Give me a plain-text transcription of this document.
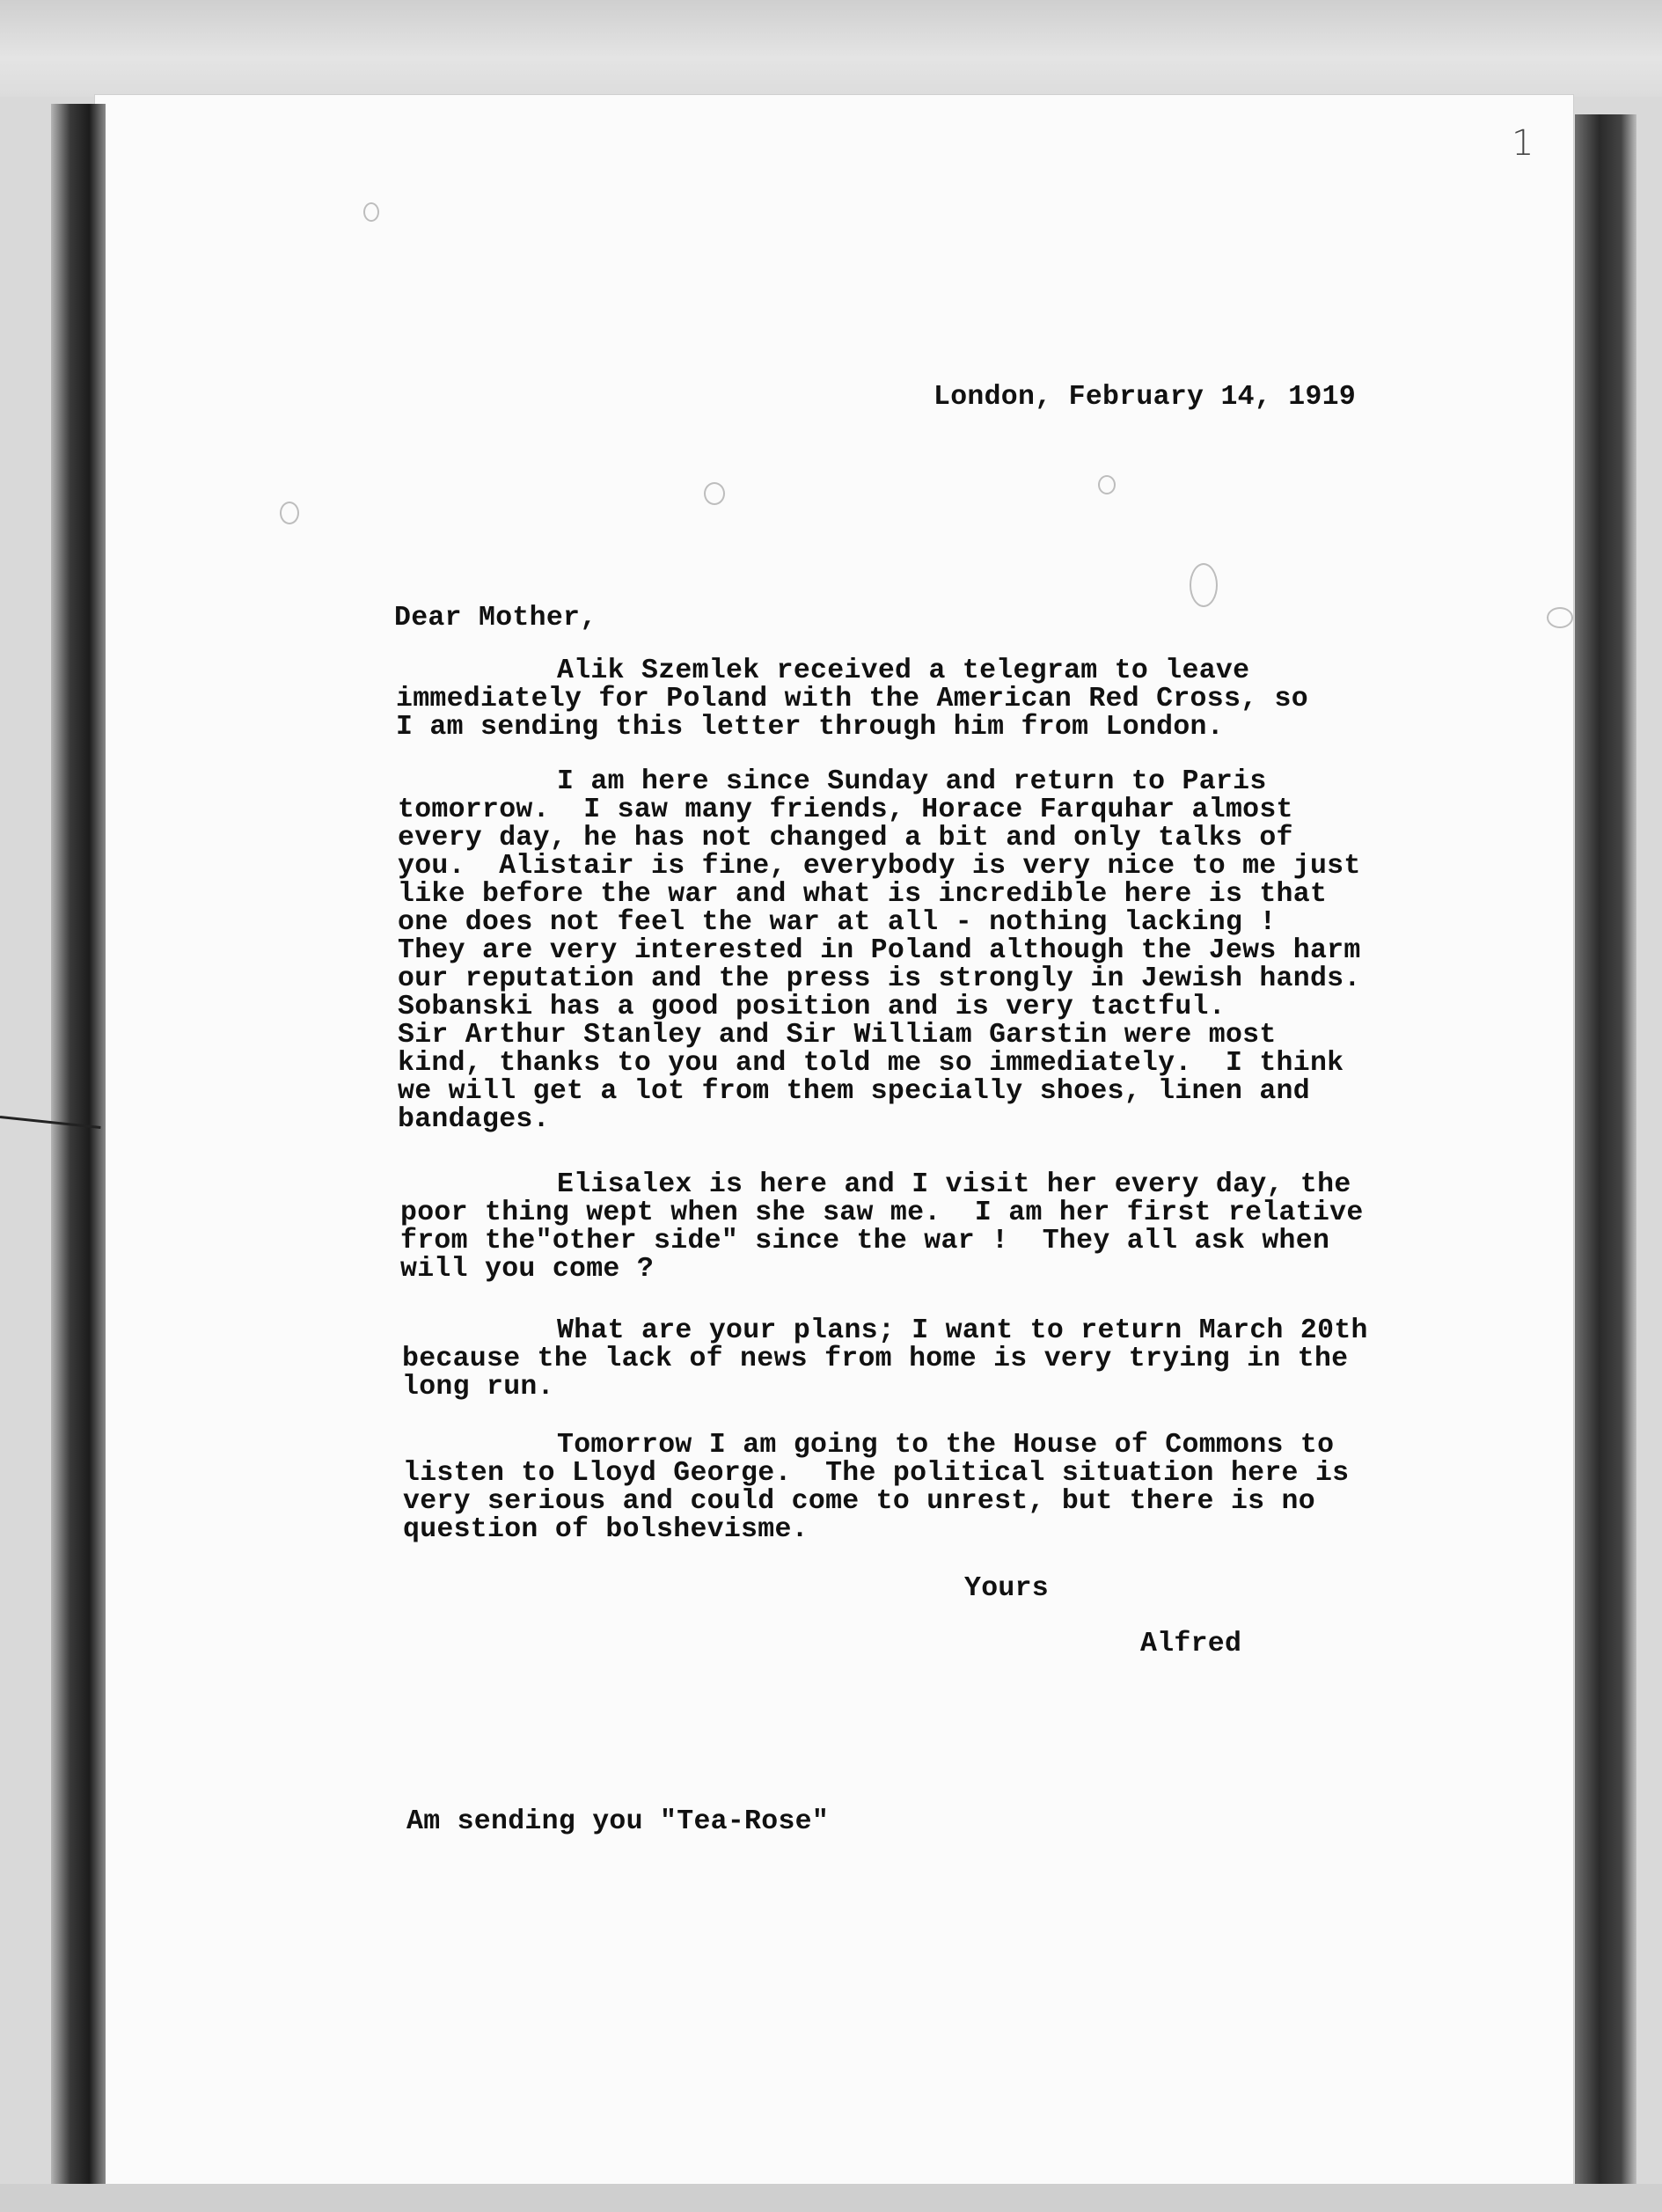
1
London, February 14, 1919
Dear Mother,
Alik Szemlek received a telegram to leave
immediately for Poland with the American Red Cross, so
I am sending this letter through him from London.
I am here since Sunday and return to Paris
tomorrow.  I saw many friends, Horace Farquhar almost
every day, he has not changed a bit and only talks of
you.  Alistair is fine, everybody is very nice to me just
like before the war and what is incredible here is that
one does not feel the war at all - nothing lacking !
They are very interested in Poland although the Jews harm
our reputation and the press is strongly in Jewish hands.
Sobanski has a good position and is very tactful.
Sir Arthur Stanley and Sir William Garstin were most
kind, thanks to you and told me so immediately.  I think
we will get a lot from them specially shoes, linen and
bandages.
Elisalex is here and I visit her every day, the
poor thing wept when she saw me.  I am her first relative
from the"other side" since the war !  They all ask when
will you come ?
What are your plans; I want to return March 20th
because the lack of news from home is very trying in the
long run.
Tomorrow I am going to the House of Commons to
listen to Lloyd George.  The political situation here is
very serious and could come to unrest, but there is no
question of bolshevisme.
Yours
Alfred
Am sending you "Tea-Rose"
